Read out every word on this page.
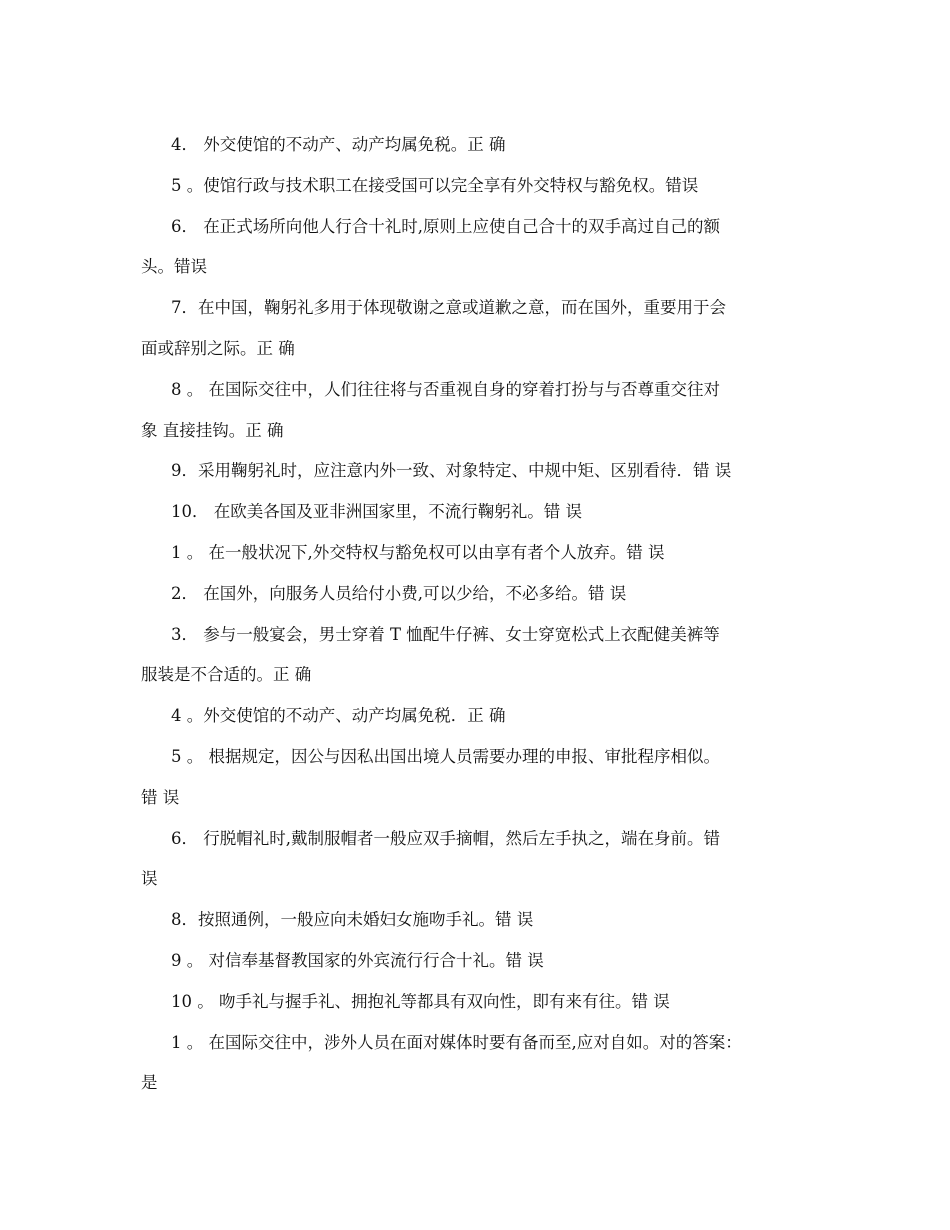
4． 外交使馆的不动产、动产均属免税。正 确
5 。使馆行政与技术职工在接受国可以完全享有外交特权与豁免权。错误
6． 在正式场所向他人行合十礼时,原则上应使自己合十的双手高过自己的额
头。错误
7．在中国，鞠躬礼多用于体现敬谢之意或道歉之意，而在国外，重要用于会
面或辞别之际。正 确
8 。 在国际交往中，人们往往将与否重视自身的穿着打扮与与否尊重交往对
象 直接挂钩。正 确
9．采用鞠躬礼时，应注意内外一致、对象特定、中规中矩、区别看待．错 误
10． 在欧美各国及亚非洲国家里，不流行鞠躬礼。错 误
1 。 在一般状况下,外交特权与豁免权可以由享有者个人放弃。错 误
2． 在国外，向服务人员给付小费,可以少给，不必多给。错 误
3． 参与一般宴会，男士穿着 T 恤配牛仔裤、女士穿宽松式上衣配健美裤等
服装是不合适的。正 确
4 。外交使馆的不动产、动产均属免税．正 确
5 。 根据规定，因公与因私出国出境人员需要办理的申报、审批程序相似。
错 误
6． 行脱帽礼时,戴制服帽者一般应双手摘帽，然后左手执之，端在身前。错
误
8．按照通例，一般应向未婚妇女施吻手礼。错 误
9 。 对信奉基督教国家的外宾流行行合十礼。错 误
10 。 吻手礼与握手礼、拥抱礼等都具有双向性，即有来有往。错 误
1 。 在国际交往中，涉外人员在面对媒体时要有备而至,应对自如。对的答案：
是
